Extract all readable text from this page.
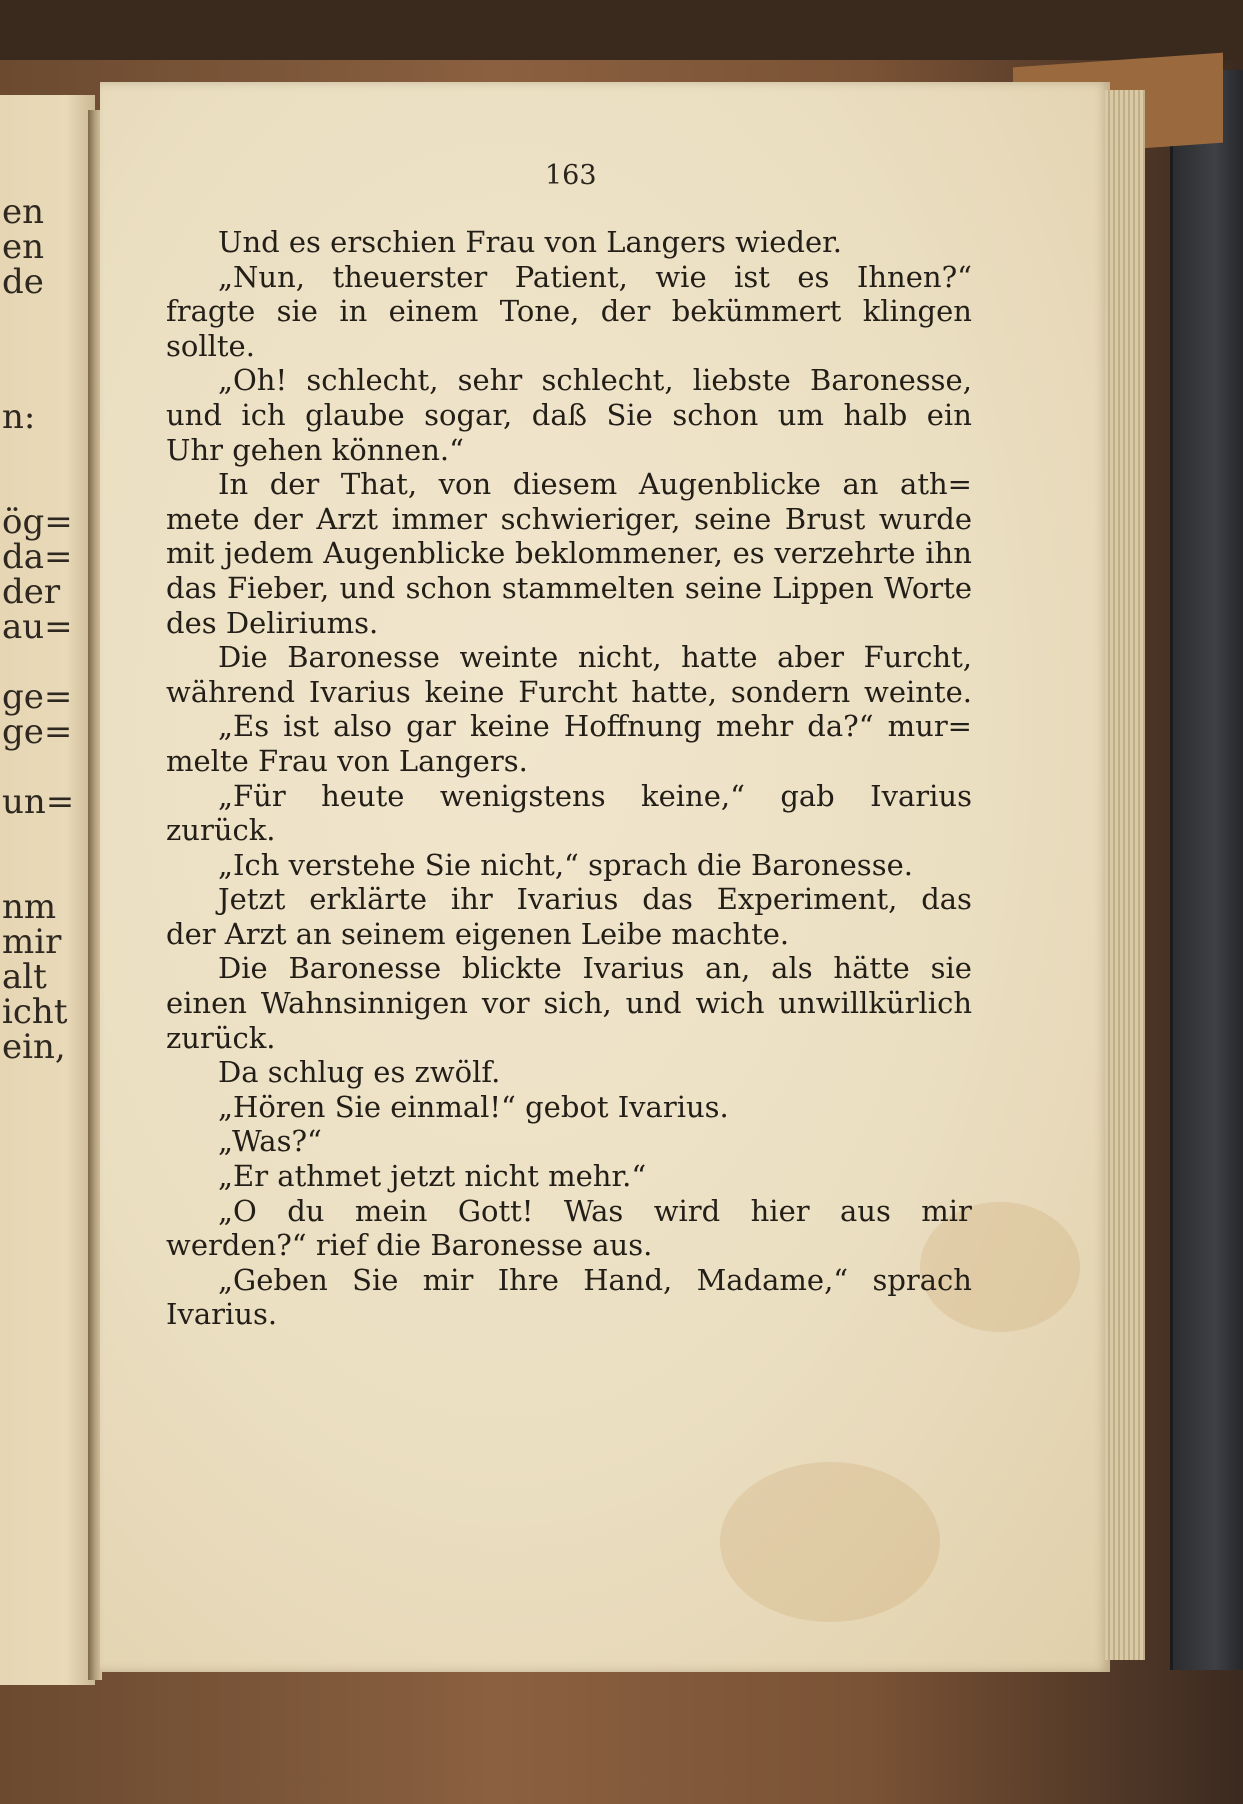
en
en
de
n:
ög=
da=
der
au=
ge=
ge=
un=
nm
mir
alt
icht
ein,
163
Und es erschien Frau von Langers wieder.
„Nun, theuerster Patient, wie ist es Ihnen?“
fragte sie in einem Tone, der bekümmert klingen
sollte.
„Oh! schlecht, sehr schlecht, liebste Baronesse,
und ich glaube sogar, daß Sie schon um halb ein
Uhr gehen können.“
In der That, von diesem Augenblicke an ath=
mete der Arzt immer schwieriger, seine Brust wurde
mit jedem Augenblicke beklommener, es verzehrte ihn
das Fieber, und schon stammelten seine Lippen Worte
des Deliriums.
Die Baronesse weinte nicht, hatte aber Furcht,
während Ivarius keine Furcht hatte, sondern weinte.
„Es ist also gar keine Hoffnung mehr da?“ mur=
melte Frau von Langers.
„Für heute wenigstens keine,“ gab Ivarius
zurück.
„Ich verstehe Sie nicht,“ sprach die Baronesse.
Jetzt erklärte ihr Ivarius das Experiment, das
der Arzt an seinem eigenen Leibe machte.
Die Baronesse blickte Ivarius an, als hätte sie
einen Wahnsinnigen vor sich, und wich unwillkürlich
zurück.
Da schlug es zwölf.
„Hören Sie einmal!“ gebot Ivarius.
„Was?“
„Er athmet jetzt nicht mehr.“
„O du mein Gott! Was wird hier aus mir
werden?“ rief die Baronesse aus.
„Geben Sie mir Ihre Hand, Madame,“ sprach
Ivarius.
